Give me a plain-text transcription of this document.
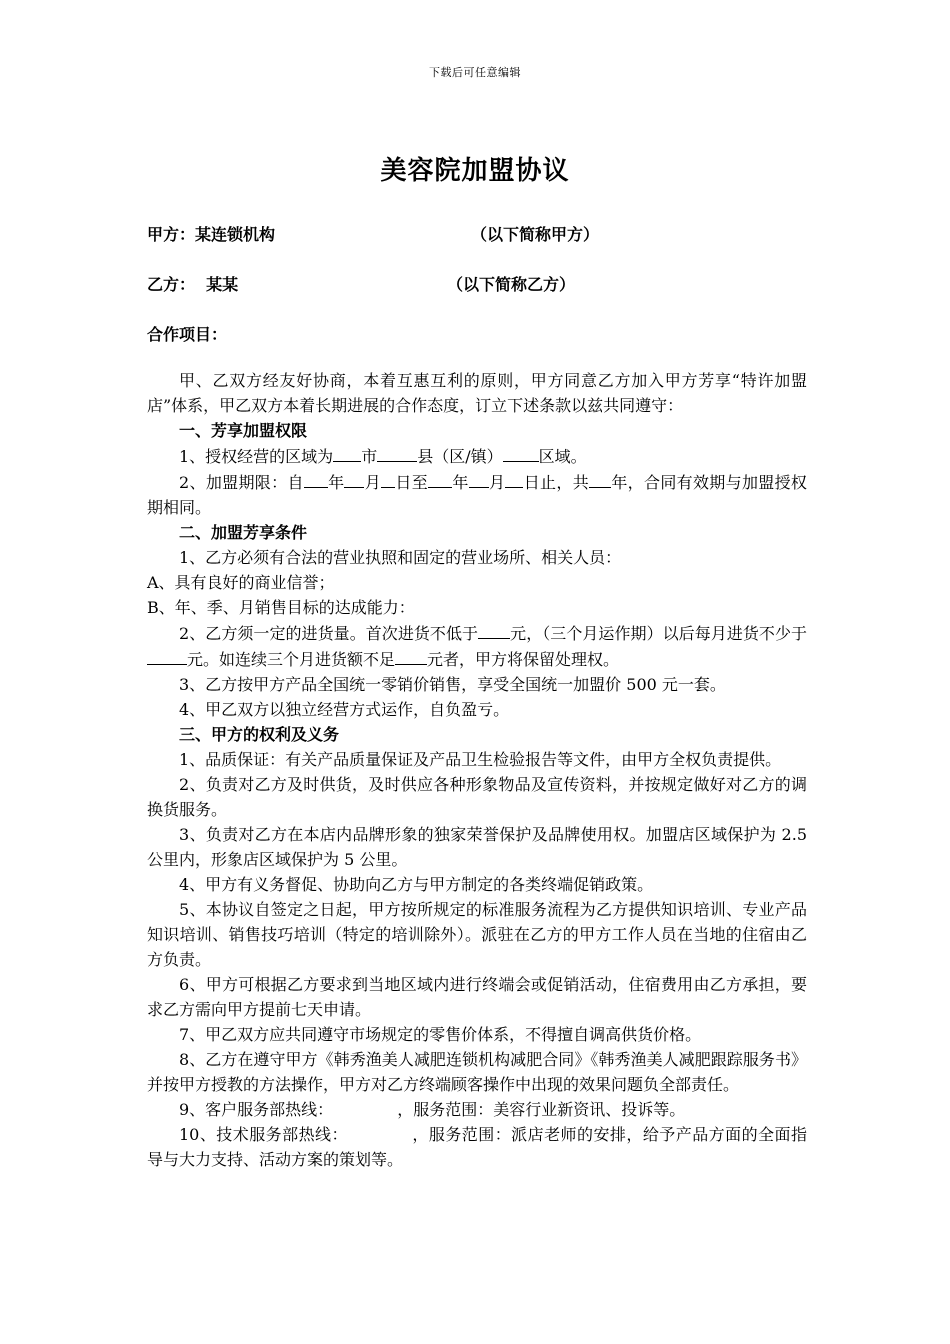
下载后可任意编辑
美容院加盟协议
甲方：某连锁机构	（以下简称甲方）
乙方：  某某	（以下简称乙方）
合作项目：

甲、乙双方经友好协商，本着互惠互利的原则，甲方同意乙方加入甲方芳享“特许加盟店”体系，甲乙双方本着长期进展的合作态度，订立下述条款以兹共同遵守：

一、芳享加盟权限

1、授权经营的区域为 市	县（区/镇） 区域。

2、加盟期限：自 年 月 日至 年 月 日止，共 年，合同有效期与加盟授权期相同。

二、加盟芳享条件

1、乙方必须有合法的营业执照和固定的营业场所、相关人员：

A、具有良好的商业信誉；

B、年、季、月销售目标的达成能力：

2、乙方须一定的进货量。首次进货不低于 元，（三个月运作期）以后每月进货不少于元。如连续三个月进货额不足 元者，甲方将保留处理权。

3、乙方按甲方产品全国统一零销价销售，享受全国统一加盟价 500 元一套。

4、甲乙双方以独立经营方式运作，自负盈亏。

三、甲方的权利及义务

1、品质保证：有关产品质量保证及产品卫生检验报告等文件，由甲方全权负责提供。

2、负责对乙方及时供货，及时供应各种形象物品及宣传资料，并按规定做好对乙方的调换货服务。

3、负责对乙方在本店内品牌形象的独家荣誉保护及品牌使用权。加盟店区域保护为 2.5 公里内，形象店区域保护为 5 公里。

4、甲方有义务督促、协助向乙方与甲方制定的各类终端促销政策。

5、本协议自签定之日起，甲方按所规定的标准服务流程为乙方提供知识培训、专业产品知识培训、销售技巧培训（特定的培训除外）。派驻在乙方的甲方工作人员在当地的住宿由乙方负责。

6、甲方可根据乙方要求到当地区域内进行终端会或促销活动，住宿费用由乙方承担，要求乙方需向甲方提前七天申请。

7、甲乙双方应共同遵守市场规定的零售价体系，不得擅自调高供货价格。

8、乙方在遵守甲方《韩秀渔美人减肥连锁机构减肥合同》《韩秀渔美人减肥跟踪服务书》并按甲方授教的方法操作，甲方对乙方终端顾客操作中出现的效果问题负全部责任。

9、客户服务部热线：	，服务范围：美容行业新资讯、投诉等。

10、技术服务部热线：	，服务范围：派店老师的安排，给予产品方面的全面指导与大力支持、活动方案的策划等。
